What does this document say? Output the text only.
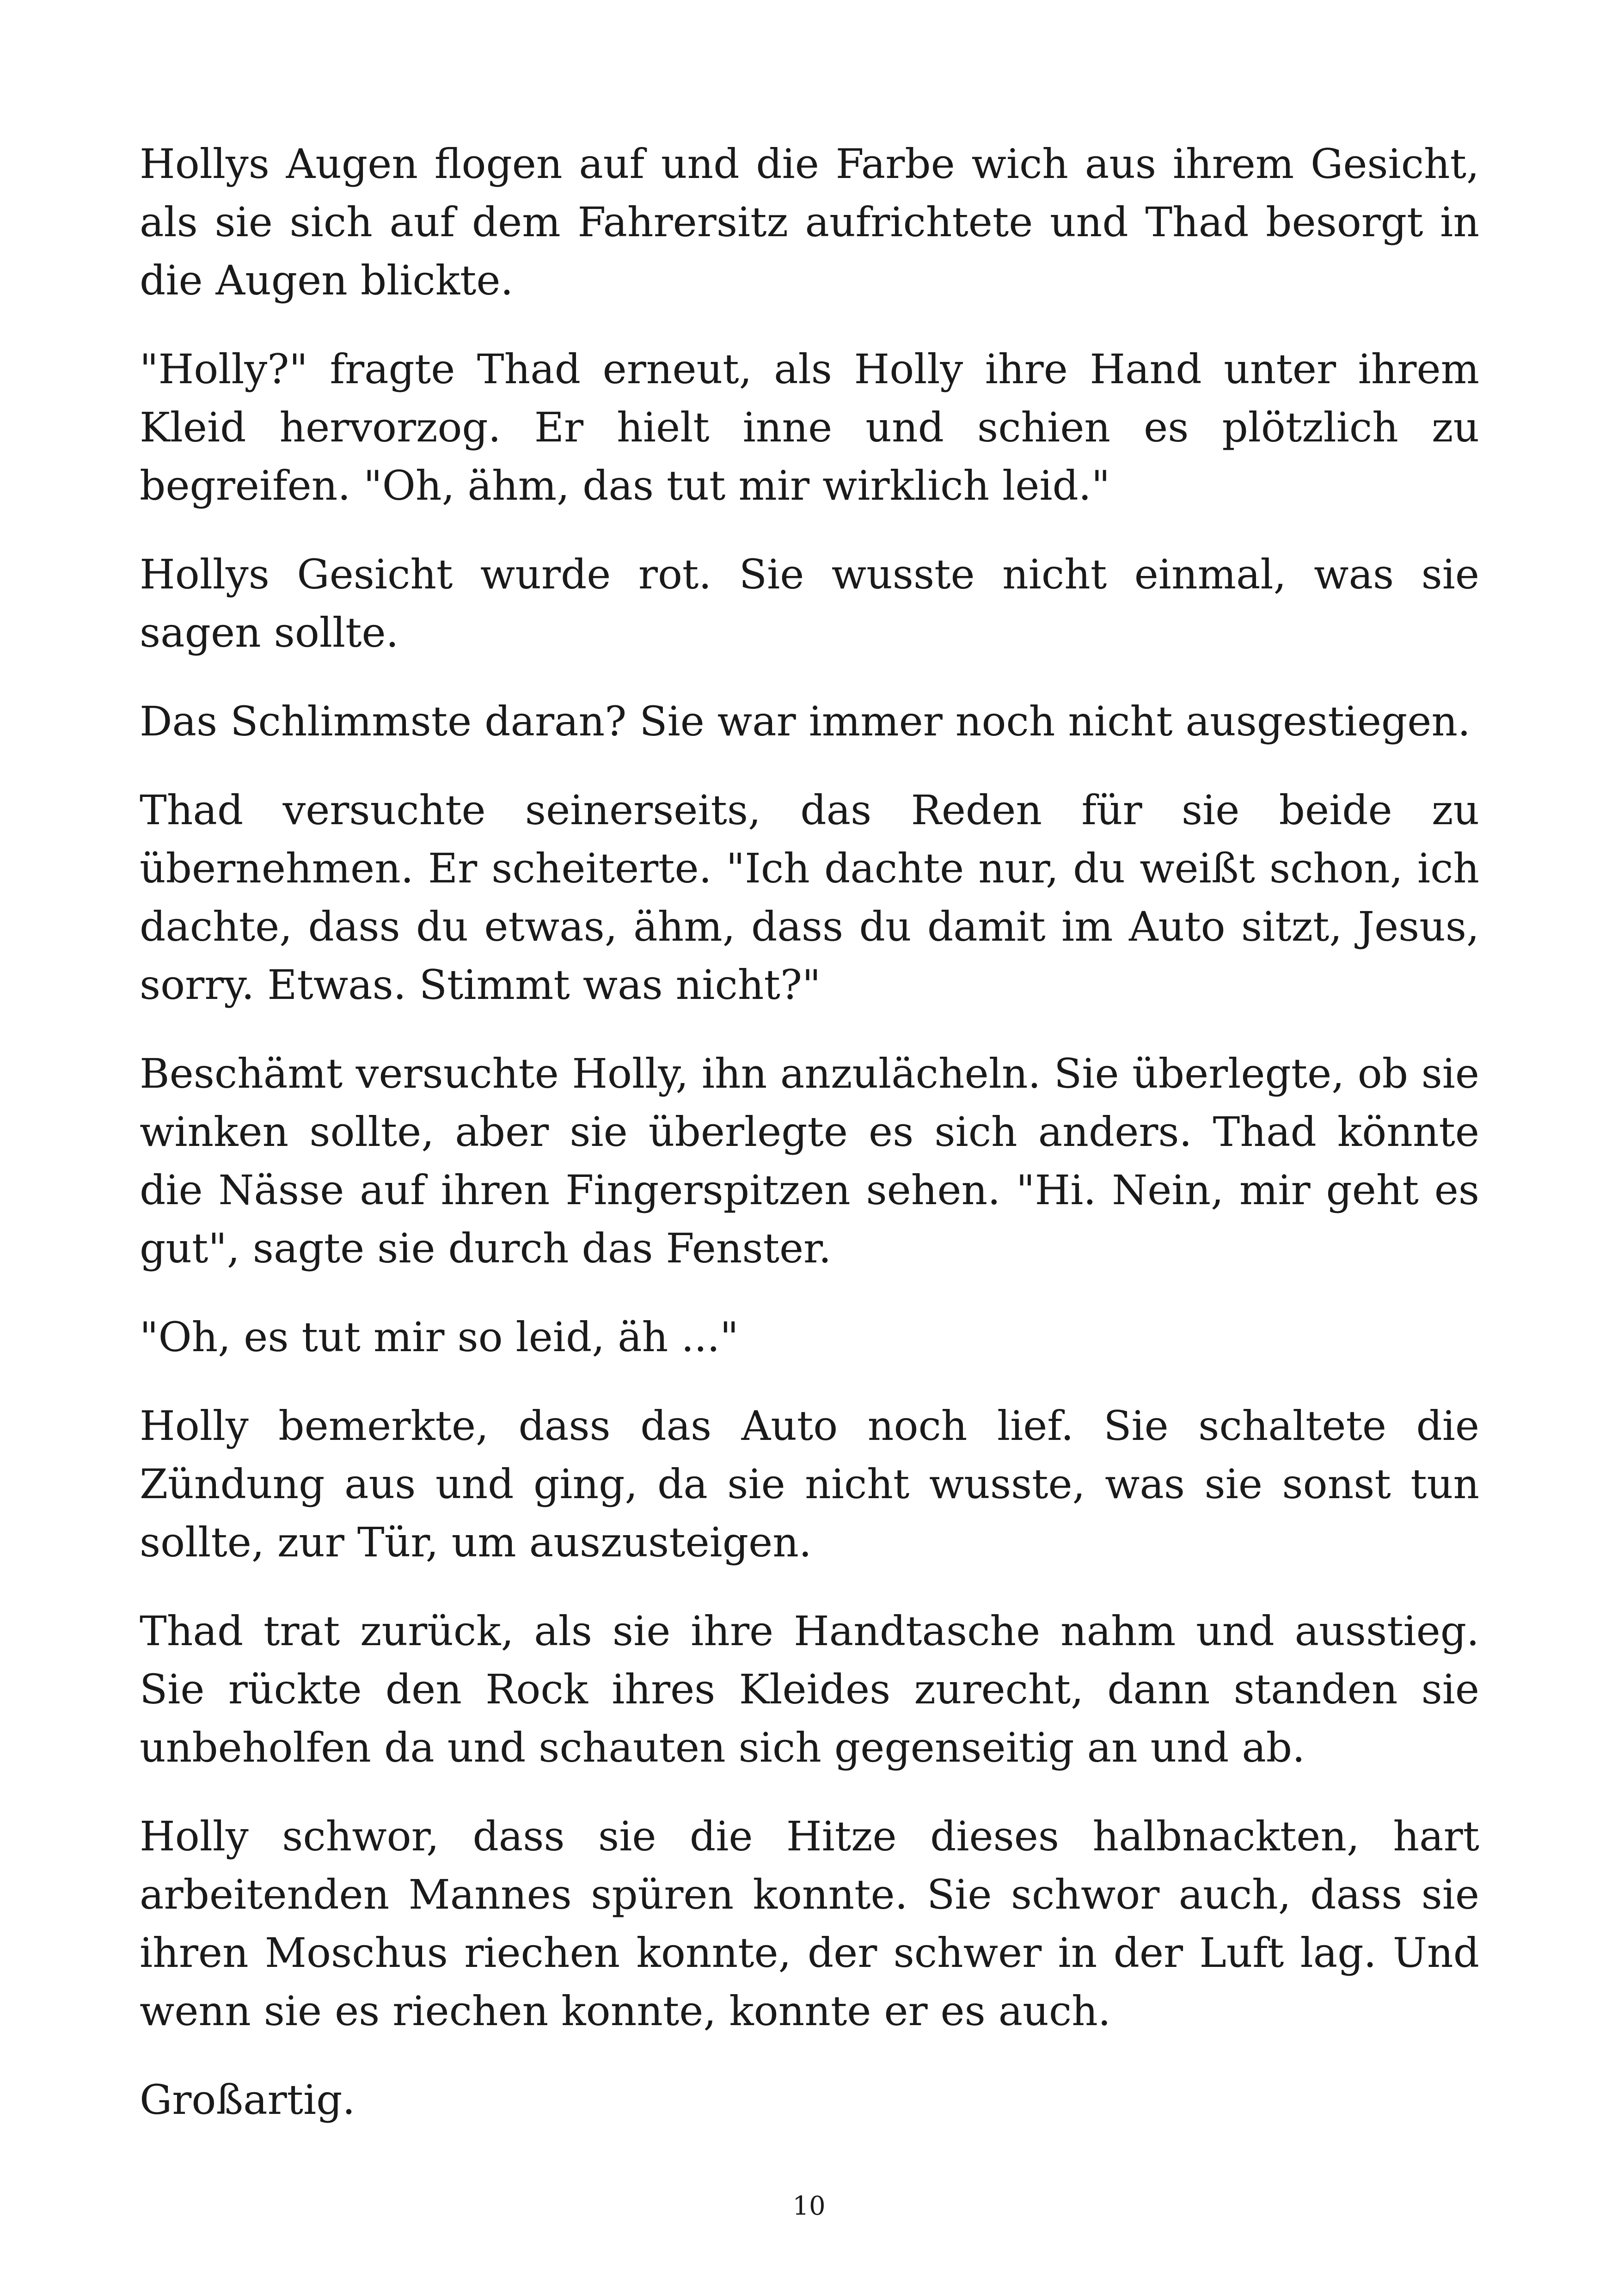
Hollys Augen flogen auf und die Farbe wich aus ihrem Gesicht, als sie sich auf dem Fahrersitz aufrichtete und Thad besorgt in die Augen blickte.

"Holly?" fragte Thad erneut, als Holly ihre Hand unter ihrem Kleid hervorzog. Er hielt inne und schien es plötzlich zu begreifen. "Oh, ähm, das tut mir wirklich leid."

Hollys Gesicht wurde rot. Sie wusste nicht einmal, was sie sagen sollte.

Das Schlimmste daran? Sie war immer noch nicht ausgestiegen.

Thad versuchte seinerseits, das Reden für sie beide zu übernehmen. Er scheiterte. "Ich dachte nur, du weißt schon, ich dachte, dass du etwas, ähm, dass du damit im Auto sitzt, Jesus, sorry. Etwas. Stimmt was nicht?"

Beschämt versuchte Holly, ihn anzulächeln. Sie überlegte, ob sie winken sollte, aber sie überlegte es sich anders. Thad könnte die Nässe auf ihren Fingerspitzen sehen. "Hi. Nein, mir geht es gut", sagte sie durch das Fenster.

"Oh, es tut mir so leid, äh ..."

Holly bemerkte, dass das Auto noch lief. Sie schaltete die Zündung aus und ging, da sie nicht wusste, was sie sonst tun sollte, zur Tür, um auszusteigen.

Thad trat zurück, als sie ihre Handtasche nahm und ausstieg. Sie rückte den Rock ihres Kleides zurecht, dann standen sie unbeholfen da und schauten sich gegenseitig an und ab.

Holly schwor, dass sie die Hitze dieses halbnackten, hart arbeitenden Mannes spüren konnte. Sie schwor auch, dass sie ihren Moschus riechen konnte, der schwer in der Luft lag. Und wenn sie es riechen konnte, konnte er es auch.

Großartig.

10
